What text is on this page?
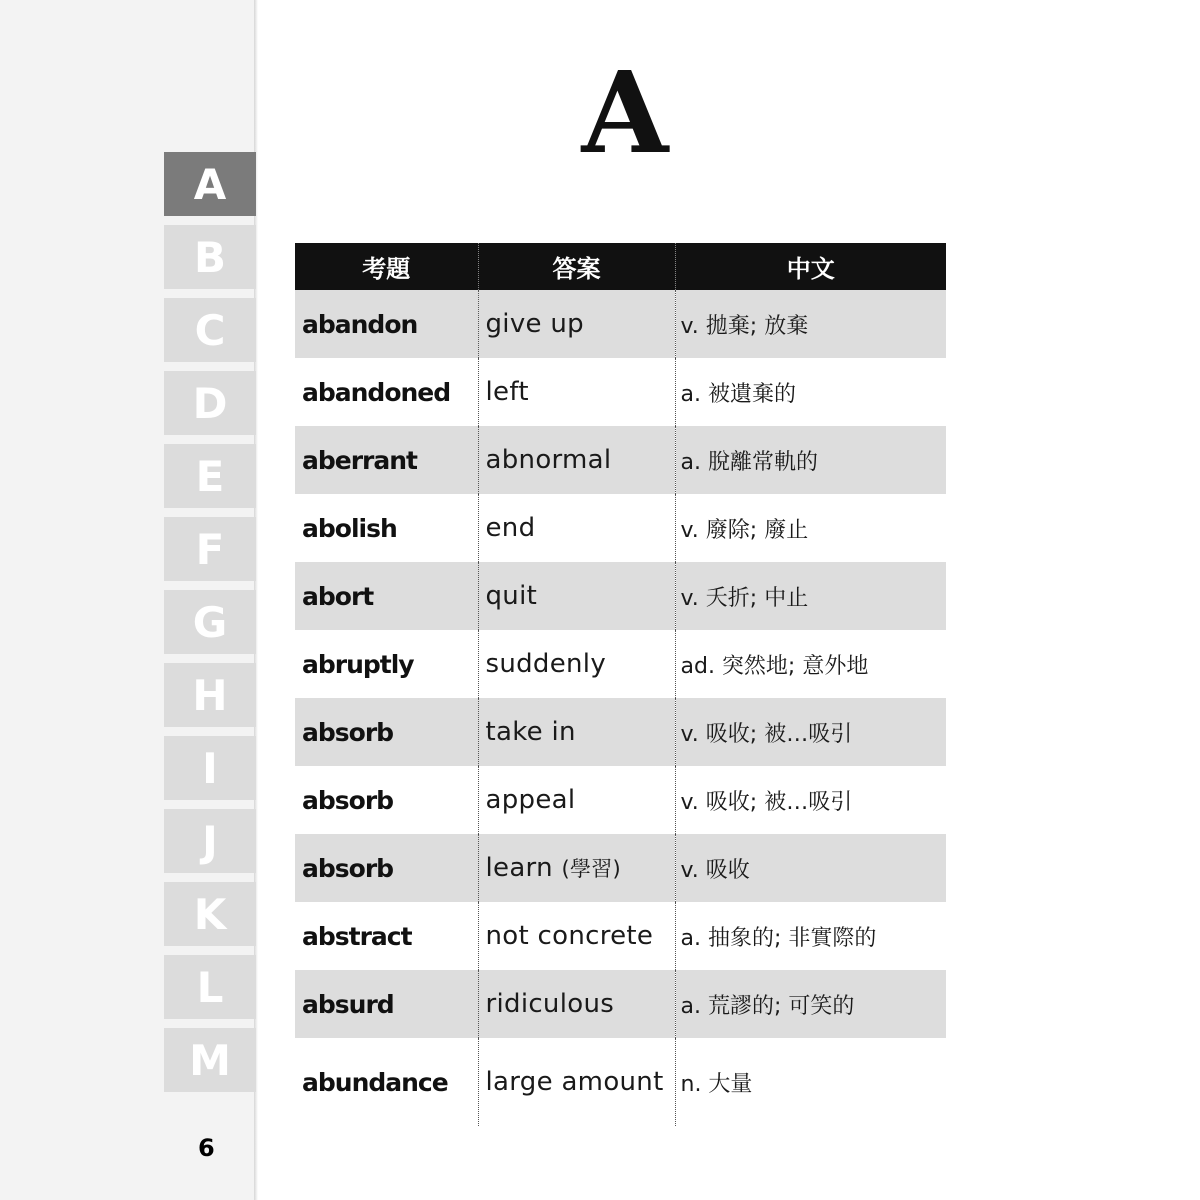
A
B
C
D
E
F
G
H
I
J
K
L
M
6
A
考題	答案	中文
abandon	give up	v. 拋棄; 放棄
abandoned	left	a. 被遺棄的
aberrant	abnormal	a. 脫離常軌的
abolish	end	v. 廢除; 廢止
abort	quit	v. 夭折; 中止
abruptly	suddenly	ad. 突然地; 意外地
absorb	take in	v. 吸收; 被…吸引
absorb	appeal	v. 吸收; 被…吸引
absorb	learn (學習)	v. 吸收
abstract	not concrete	a. 抽象的; 非實際的
absurd	ridiculous	a. 荒謬的; 可笑的
abundance	large amount	n. 大量
